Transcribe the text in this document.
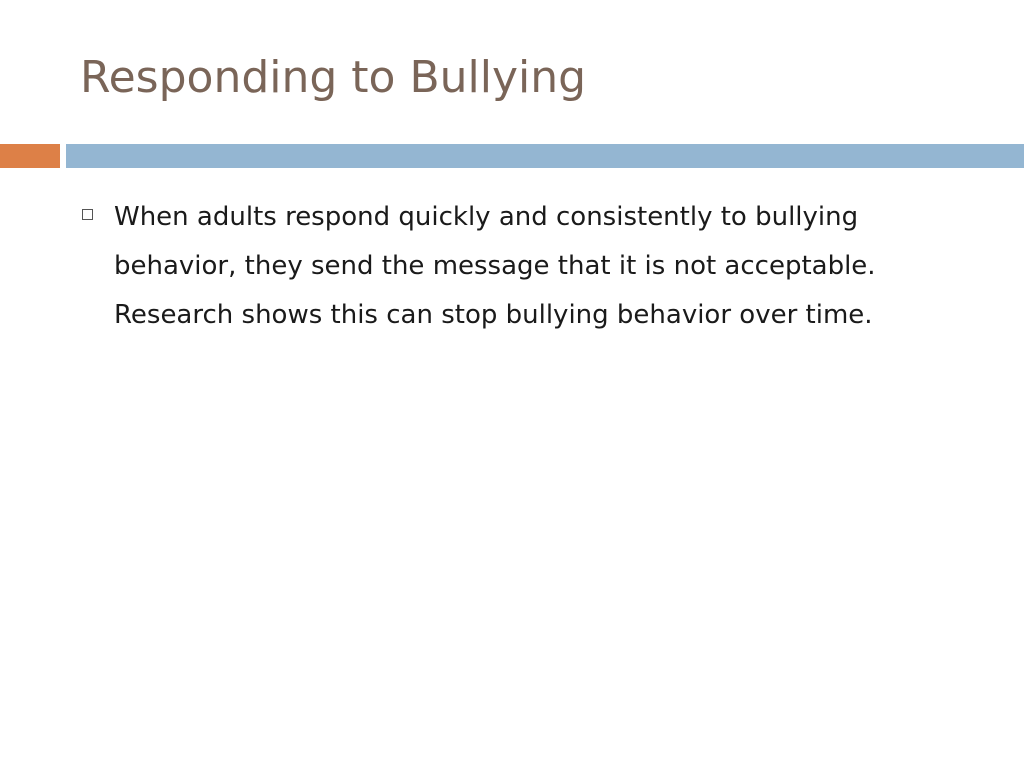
Responding to Bullying
When adults respond quickly and consistently to bullying behavior, they send the message that it is not acceptable. Research shows this can stop bullying behavior over time.
